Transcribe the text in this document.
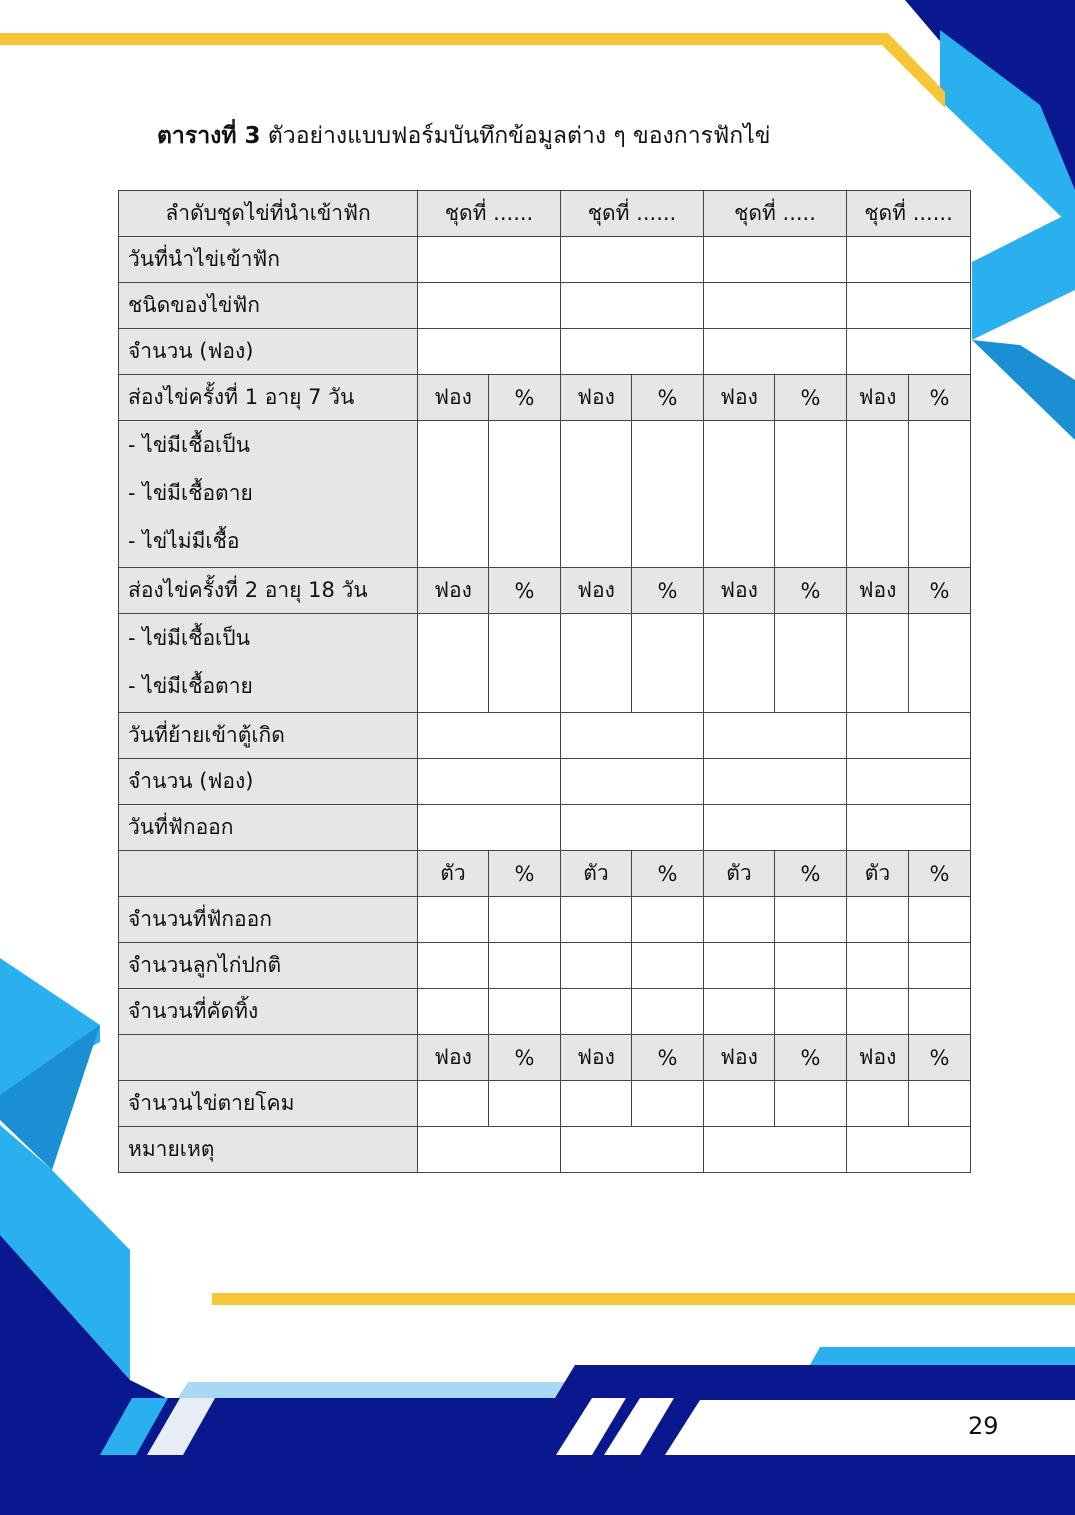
ตารางที่ 3 ตัวอย่างแบบฟอร์มบันทึกข้อมูลต่าง ๆ ของการฟักไข่
ลำดับชุดไข่ที่นำเข้าฟัก	ชุดที่ ......		ชุดที่ ......		ชุดที่ .....		ชุดที่ ......	
วันที่นำไข่เข้าฟัก								
ชนิดของไข่ฟัก								
จำนวน (ฟอง)								
ส่องไข่ครั้งที่ 1 อายุ 7 วัน	ฟอง	%	ฟอง	%	ฟอง	%	ฟอง	%

- ไข่มีเชื้อเป็น
- ไข่มีเชื้อตาย
- ไข่ไม่มีเชื้อ								

ส่องไข่ครั้งที่ 2 อายุ 18 วัน	ฟอง	%	ฟอง	%	ฟอง	%	ฟอง	%

- ไข่มีเชื้อเป็น
- ไข่มีเชื้อตาย								

วันที่ย้ายเข้าตู้เกิด								
จำนวน (ฟอง)								
วันที่ฟักออก								
	ตัว	%	ตัว	%	ตัว	%	ตัว	%
จำนวนที่ฟักออก								
จำนวนลูกไก่ปกติ								
จำนวนที่คัดทิ้ง								
	ฟอง	%	ฟอง	%	ฟอง	%	ฟอง	%
จำนวนไข่ตายโคม								
หมายเหตุ								
29
